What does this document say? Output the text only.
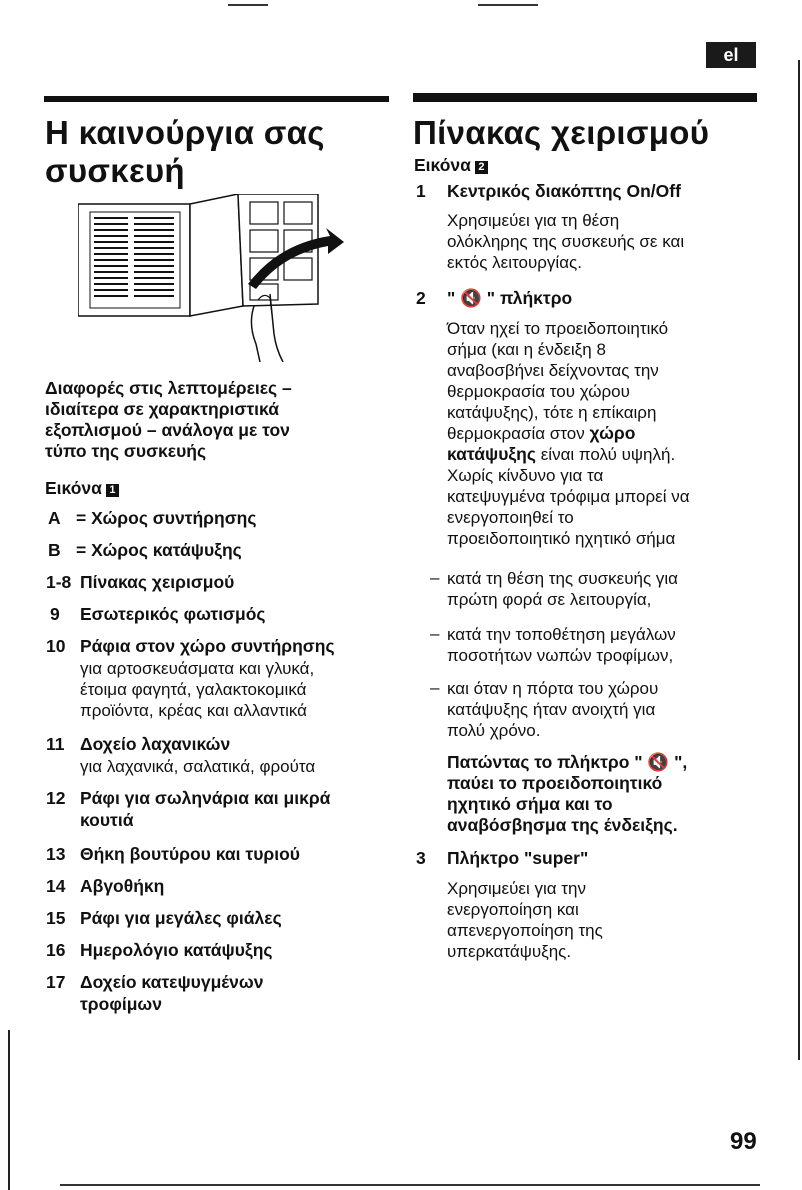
el
Η καινούργια σας
συσκευή
Διαφορές στις λεπτομέρειες –
ιδιαίτερα σε χαρακτηριστικά
εξοπλισμού – ανάλογα με τον
τύπο της συσκευής
Εικόνα 1
A = Χώρος συντήρησης
B = Χώρος κατάψυξης
1-8 Πίνακας χειρισμού
9 Εσωτερικός φωτισμός
10 Ράφια στον χώρο συντήρησης
για αρτοσκευάσματα και γλυκά,
έτοιμα φαγητά, γαλακτοκομικά
προϊόντα, κρέας και αλλαντικά
11 Δοχείο λαχανικών
για λαχανικά, σαλατικά, φρούτα
12 Ράφι για σωληνάρια και μικρά
κουτιά
13 Θήκη βουτύρου και τυριού
14 Αβγοθήκη
15 Ράφι για μεγάλες φιάλες
16 Ημερολόγιο κατάψυξης
17 Δοχείο κατεψυγμένων
τροφίμων
Πίνακας χειρισμού
Εικόνα 2
1 Κεντρικός διακόπτης On/Off
Χρησιμεύει για τη θέση
ολόκληρης της συσκευής σε και
εκτός λειτουργίας.
2 " 🔇 " πλήκτρο
Όταν ηχεί το προειδοποιητικό
σήμα (και η ένδειξη 8
αναβοσβήνει δείχνοντας την
θερμοκρασία του χώρου
κατάψυξης), τότε η επίκαιρη
θερμοκρασία στον χώρο
κατάψυξης είναι πολύ υψηλή.
Χωρίς κίνδυνο για τα
κατεψυγμένα τρόφιμα μπορεί να
ενεργοποιηθεί το
προειδοποιητικό ηχητικό σήμα
– κατά τη θέση της συσκευής για
πρώτη φορά σε λειτουργία,
– κατά την τοποθέτηση μεγάλων
ποσοτήτων νωπών τροφίμων,
– και όταν η πόρτα του χώρου
κατάψυξης ήταν ανοιχτή για
πολύ χρόνο.
Πατώντας το πλήκτρο " 🔇 ",
παύει το προειδοποιητικό
ηχητικό σήμα και το
αναβόσβησμα της ένδειξης.
3 Πλήκτρο "super"
Χρησιμεύει για την
ενεργοποίηση και
απενεργοποίηση της
υπερκατάψυξης.
99
